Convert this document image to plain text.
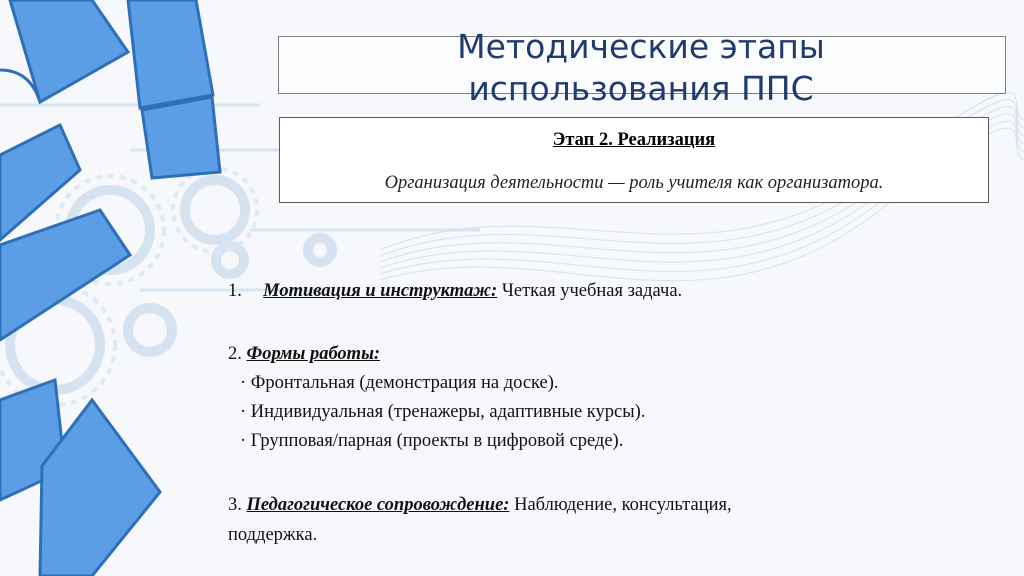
Методические этапы
использования ППС
Этап 2. Реализация
Организация деятельности — роль учителя как организатора.
1. Мотивация и инструктаж: Четкая учебная задача.
2. Формы работы:
· Фронтальная (демонстрация на доске).
· Индивидуальная (тренажеры, адаптивные курсы).
· Групповая/парная (проекты в цифровой среде).
3. Педагогическое сопровождение: Наблюдение, консультация,
поддержка.
